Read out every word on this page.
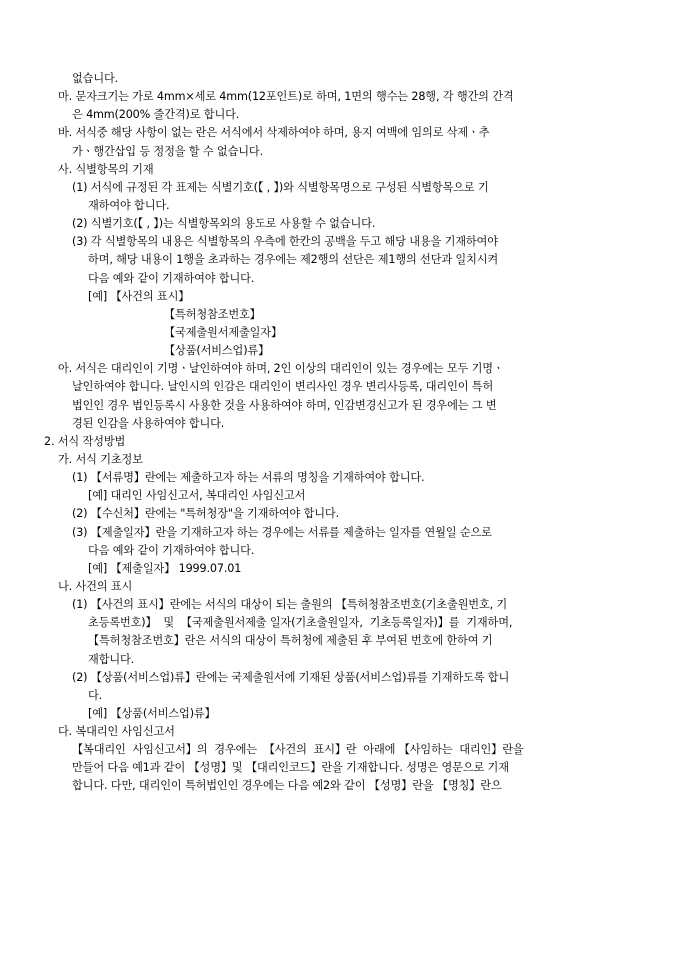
없습니다.
마. 문자크기는 가로 4mm×세로 4mm(12포인트)로 하며, 1면의 행수는 28행, 각 행간의 간격
은 4mm(200% 줄간격)로 합니다.
바. 서식중 해당 사항이 없는 란은 서식에서 삭제하여야 하며, 용지 여백에 임의로 삭제ㆍ추
가ㆍ행간삽입 등 정정을 할 수 없습니다.
사. 식별항목의 기재
(1) 서식에 규정된 각 표제는 식별기호(【 , 】)와 식별항목명으로 구성된 식별항목으로 기
재하여야 합니다.
(2) 식별기호(【 , 】)는 식별항목외의 용도로 사용할 수 없습니다.
(3) 각 식별항목의 내용은 식별항목의 우측에 한칸의 공백을 두고 해당 내용을 기재하여야
하며, 해당 내용이 1행을 초과하는 경우에는 제2행의 선단은 제1행의 선단과 일치시켜
다음 예와 같이 기재하여야 합니다.
[예] 【사건의 표시】
【특허청참조번호】
【국제출원서제출일자】
【상품(서비스업)류】
아. 서식은 대리인이 기명ㆍ날인하여야 하며, 2인 이상의 대리인이 있는 경우에는 모두 기명ㆍ
날인하여야 합니다. 날인시의 인감은 대리인이 변리사인 경우 변리사등록, 대리인이 특허
법인인 경우 법인등록시 사용한 것을 사용하여야 하며, 인감변경신고가 된 경우에는 그 변
경된 인감을 사용하여야 합니다.
2. 서식 작성방법
가. 서식 기초정보
(1) 【서류명】란에는 제출하고자 하는 서류의 명칭을 기재하여야 합니다.
[예] 대리인 사임신고서, 복대리인 사임신고서
(2) 【수신처】란에는 "특허청장"을 기재하여야 합니다.
(3) 【제출일자】란을 기재하고자 하는 경우에는 서류를 제출하는 일자를 연월일 순으로
다음 예와 같이 기재하여야 합니다.
[예] 【제출일자】 1999.07.01
나. 사건의 표시
(1) 【사건의 표시】란에는 서식의 대상이 되는 출원의 【특허청참조번호(기초출원번호, 기
초등록번호)】  및  【국제출원서제출 일자(기초출원일자,  기초등록일자)】를  기재하며,
【특허청참조번호】란은 서식의 대상이 특허청에 제출된 후 부여된 번호에 한하여 기
재합니다.
(2) 【상품(서비스업)류】란에는 국제출원서에 기재된 상품(서비스업)류를 기재하도록 합니
다.
[예] 【상품(서비스업)류】
다. 복대리인 사임신고서
【복대리인  사임신고서】의  경우에는  【사건의  표시】란  아래에 【사임하는  대리인】란을
만들어 다음 예1과 같이 【성명】및 【대리인코드】란을 기재합니다. 성명은 영문으로 기재
합니다. 다만, 대리인이 특허법인인 경우에는 다음 예2와 같이 【성명】란을 【명칭】란으
